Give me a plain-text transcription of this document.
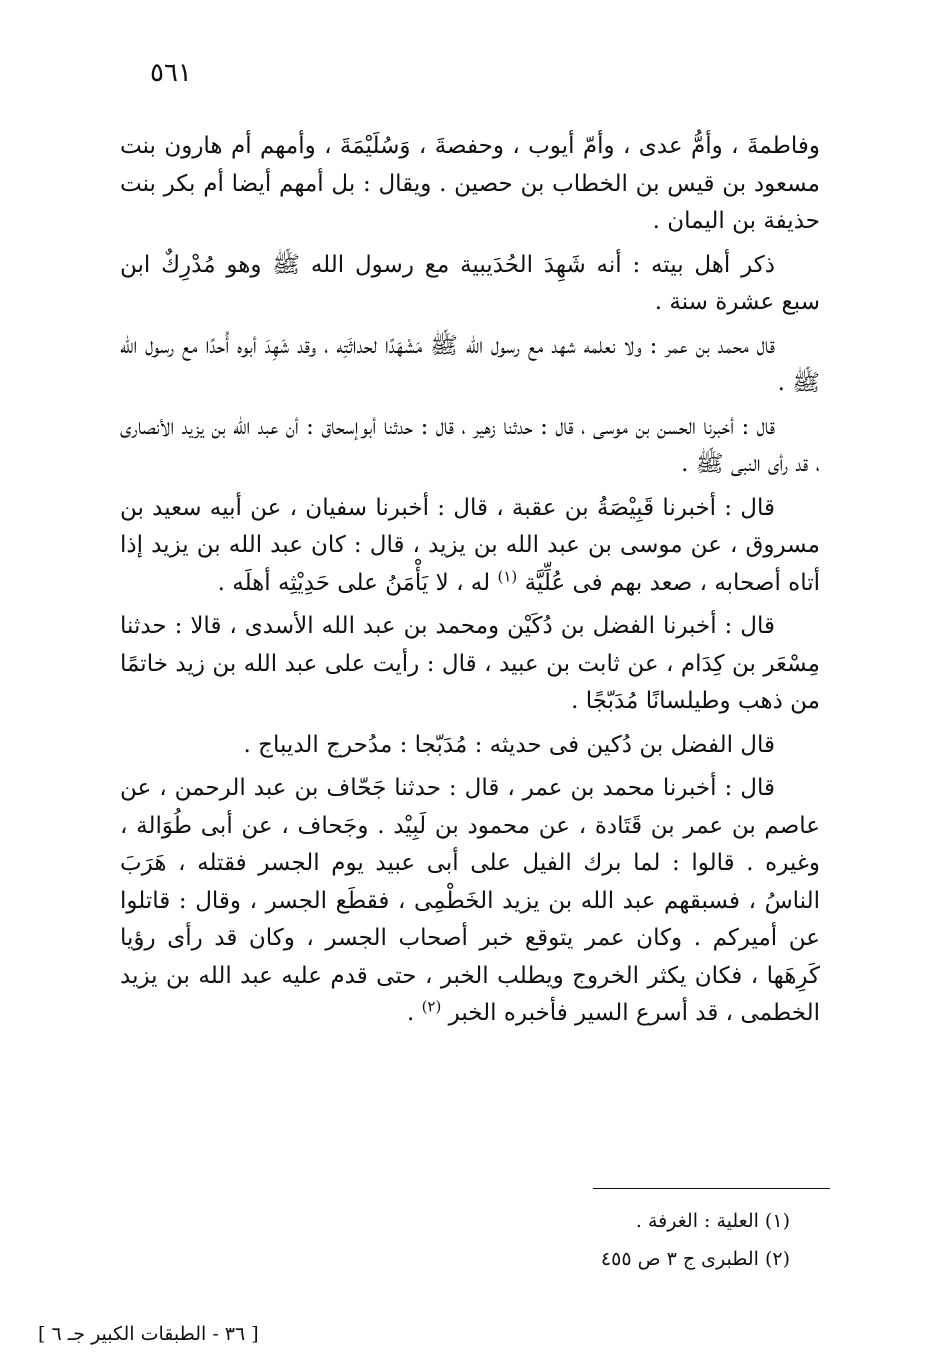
٥٦١

وفاطمةَ ، وأمُّ عدى ، وأمّ أيوب ، وحفصةَ ، وَسُلَيْمَةَ ، وأمهم أم هارون بنت مسعود بن قيس بن الخطاب بن حصين . ويقال : بل أمهم أيضا أم بكر بنت حذيفة بن اليمان .

ذكر أهل بيته : أنه شَهِدَ الحُدَيبية مع رسول الله ﷺ وهو مُدْرِكٌ ابن سبع عشرة سنة .

قال محمد بن عمر : ولا نعلمه شهد مع رسول الله ﷺ مَشْهَدًا لحداثَتِه ، وقد شَهِدَ أبوه أُحدًا مع رسول الله ﷺ .

قال : أخبرنا الحسن بن موسى ، قال : حدثنا زهير ، قال : حدثنا أبوإسحاق : أن عبد الله بن يزيد الأنصارى ، قد رأى النبى ﷺ .

قال : أخبرنا قَبِيْصَةُ بن عقبة ، قال : أخبرنا سفيان ، عن أبيه سعيد بن مسروق ، عن موسى بن عبد الله بن يزيد ، قال : كان عبد الله بن يزيد إذا أتاه أصحابه ، صعد بهم فى عُلِّيَّة $^{(١)}$ له ، لا يَأْمَنُ على حَدِيْثِه أهلَه .

قال : أخبرنا الفضل بن دُكَيْن ومحمد بن عبد الله الأسدى ، قالا : حدثنا مِسْعَر بن كِدَام ، عن ثابت بن عبيد ، قال : رأيت على عبد الله بن زيد خاتمًا من ذهب وطيلسانًا مُدَبّجًا .

قال الفضل بن دُكين فى حديثه : مُدَبّجا : مدُحرج الديباج .

قال : أخبرنا محمد بن عمر ، قال : حدثنا جَحّاف بن عبد الرحمن ، عن عاصم بن عمر بن قَتَادة ، عن محمود بن لَبِيْد . وجَحاف ، عن أبى طُوَالة ، وغيره . قالوا : لما برك الفيل على أبى عبيد يوم الجسر فقتله ، هَرَبَ الناسُ ، فسبقهم عبد الله بن يزيد الخَطْمِى ، فقطَع الجسر ، وقال : قاتلوا عن أميركم . وكان عمر يتوقع خبر أصحاب الجسر ، وكان قد رأى رؤيا كَرِهَها ، فكان يكثر الخروج ويطلب الخبر ، حتى قدم عليه عبد الله بن يزيد الخطمى ، قد أسرع السير فأخبره الخبر $^{(٢)}$ .

(١) العلية : الغرفة .

(٢) الطبرى ج ٣ ص ٤٥٥

[ ٣٦ - الطبقات الكبير جـ ٦ ]
